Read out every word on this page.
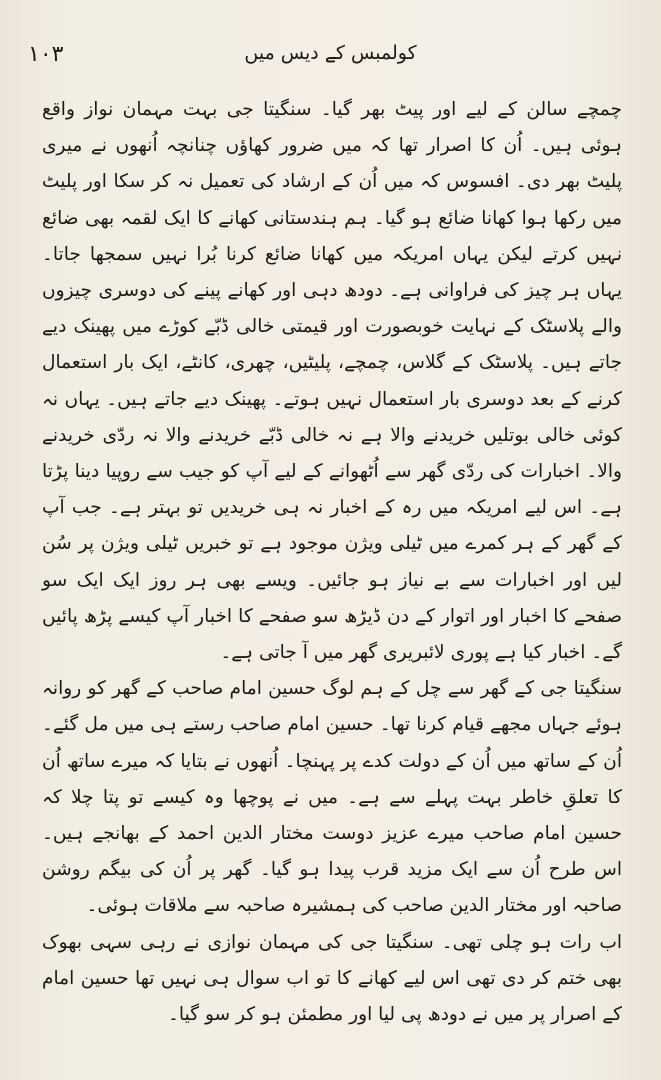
۱۰۳	کولمبس کے دیس میں

چمچے سالن کے لیے اور پیٹ بھر گیا۔ سنگیتا جی بہت مہمان نواز واقع ہوئی ہیں۔ اُن کا اصرار تھا کہ میں ضرور کھاؤں چنانچہ اُنھوں نے میری پلیٹ بھر دی۔ افسوس کہ میں اُن کے ارشاد کی تعمیل نہ کر سکا اور پلیٹ میں رکھا ہوا کھانا ضائع ہو گیا۔ ہم ہندستانی کھانے کا ایک لقمہ بھی ضائع نہیں کرتے لیکن یہاں امریکہ میں کھانا ضائع کرنا بُرا نہیں سمجھا جاتا۔ یہاں ہر چیز کی فراوانی ہے۔ دودھ دہی اور کھانے پینے کی دوسری چیزوں والے پلاسٹک کے نہایت خوبصورت اور قیمتی خالی ڈبّے کوڑے میں پھینک دیے جاتے ہیں۔ پلاسٹک کے گلاس، چمچے، پلیٹیں، چھری، کانٹے، ایک بار استعمال کرنے کے بعد دوسری بار استعمال نہیں ہوتے۔ پھینک دیے جاتے ہیں۔ یہاں نہ کوئی خالی بوتلیں خریدنے والا ہے نہ خالی ڈبّے خریدنے والا نہ ردّی خریدنے والا۔ اخبارات کی ردّی گھر سے اُٹھوانے کے لیے آپ کو جیب سے روپیا دینا پڑتا ہے۔ اس لیے امریکہ میں رہ کے اخبار نہ ہی خریدیں تو بہتر ہے۔ جب آپ کے گھر کے ہر کمرے میں ٹیلی ویژن موجود ہے تو خبریں ٹیلی ویژن پر سُن لیں اور اخبارات سے بے نیاز ہو جائیں۔ ویسے بھی ہر روز ایک ایک سو صفحے کا اخبار اور اتوار کے دن ڈیڑھ سو صفحے کا اخبار آپ کیسے پڑھ پائیں گے۔ اخبار کیا ہے پوری لائبریری گھر میں آ جاتی ہے۔

سنگیتا جی کے گھر سے چل کے ہم لوگ حسین امام صاحب کے گھر کو روانہ ہوئے جہاں مجھے قیام کرنا تھا۔ حسین امام صاحب رستے ہی میں مل گئے۔ اُن کے ساتھ میں اُن کے دولت کدے پر پہنچا۔ اُنھوں نے بتایا کہ میرے ساتھ اُن کا تعلقِ خاطر بہت پہلے سے ہے۔ میں نے پوچھا وہ کیسے تو پتا چلا کہ حسین امام صاحب میرے عزیز دوست مختار الدین احمد کے بھانجے ہیں۔ اس طرح اُن سے ایک مزید قرب پیدا ہو گیا۔ گھر پر اُن کی بیگم روشن صاحبہ اور مختار الدین صاحب کی ہمشیرہ صاحبہ سے ملاقات ہوئی۔

اب رات ہو چلی تھی۔ سنگیتا جی کی مہمان نوازی نے رہی سہی بھوک بھی ختم کر دی تھی اس لیے کھانے کا تو اب سوال ہی نہیں تھا حسین امام کے اصرار پر میں نے دودھ پی لیا اور مطمئن ہو کر سو گیا۔
